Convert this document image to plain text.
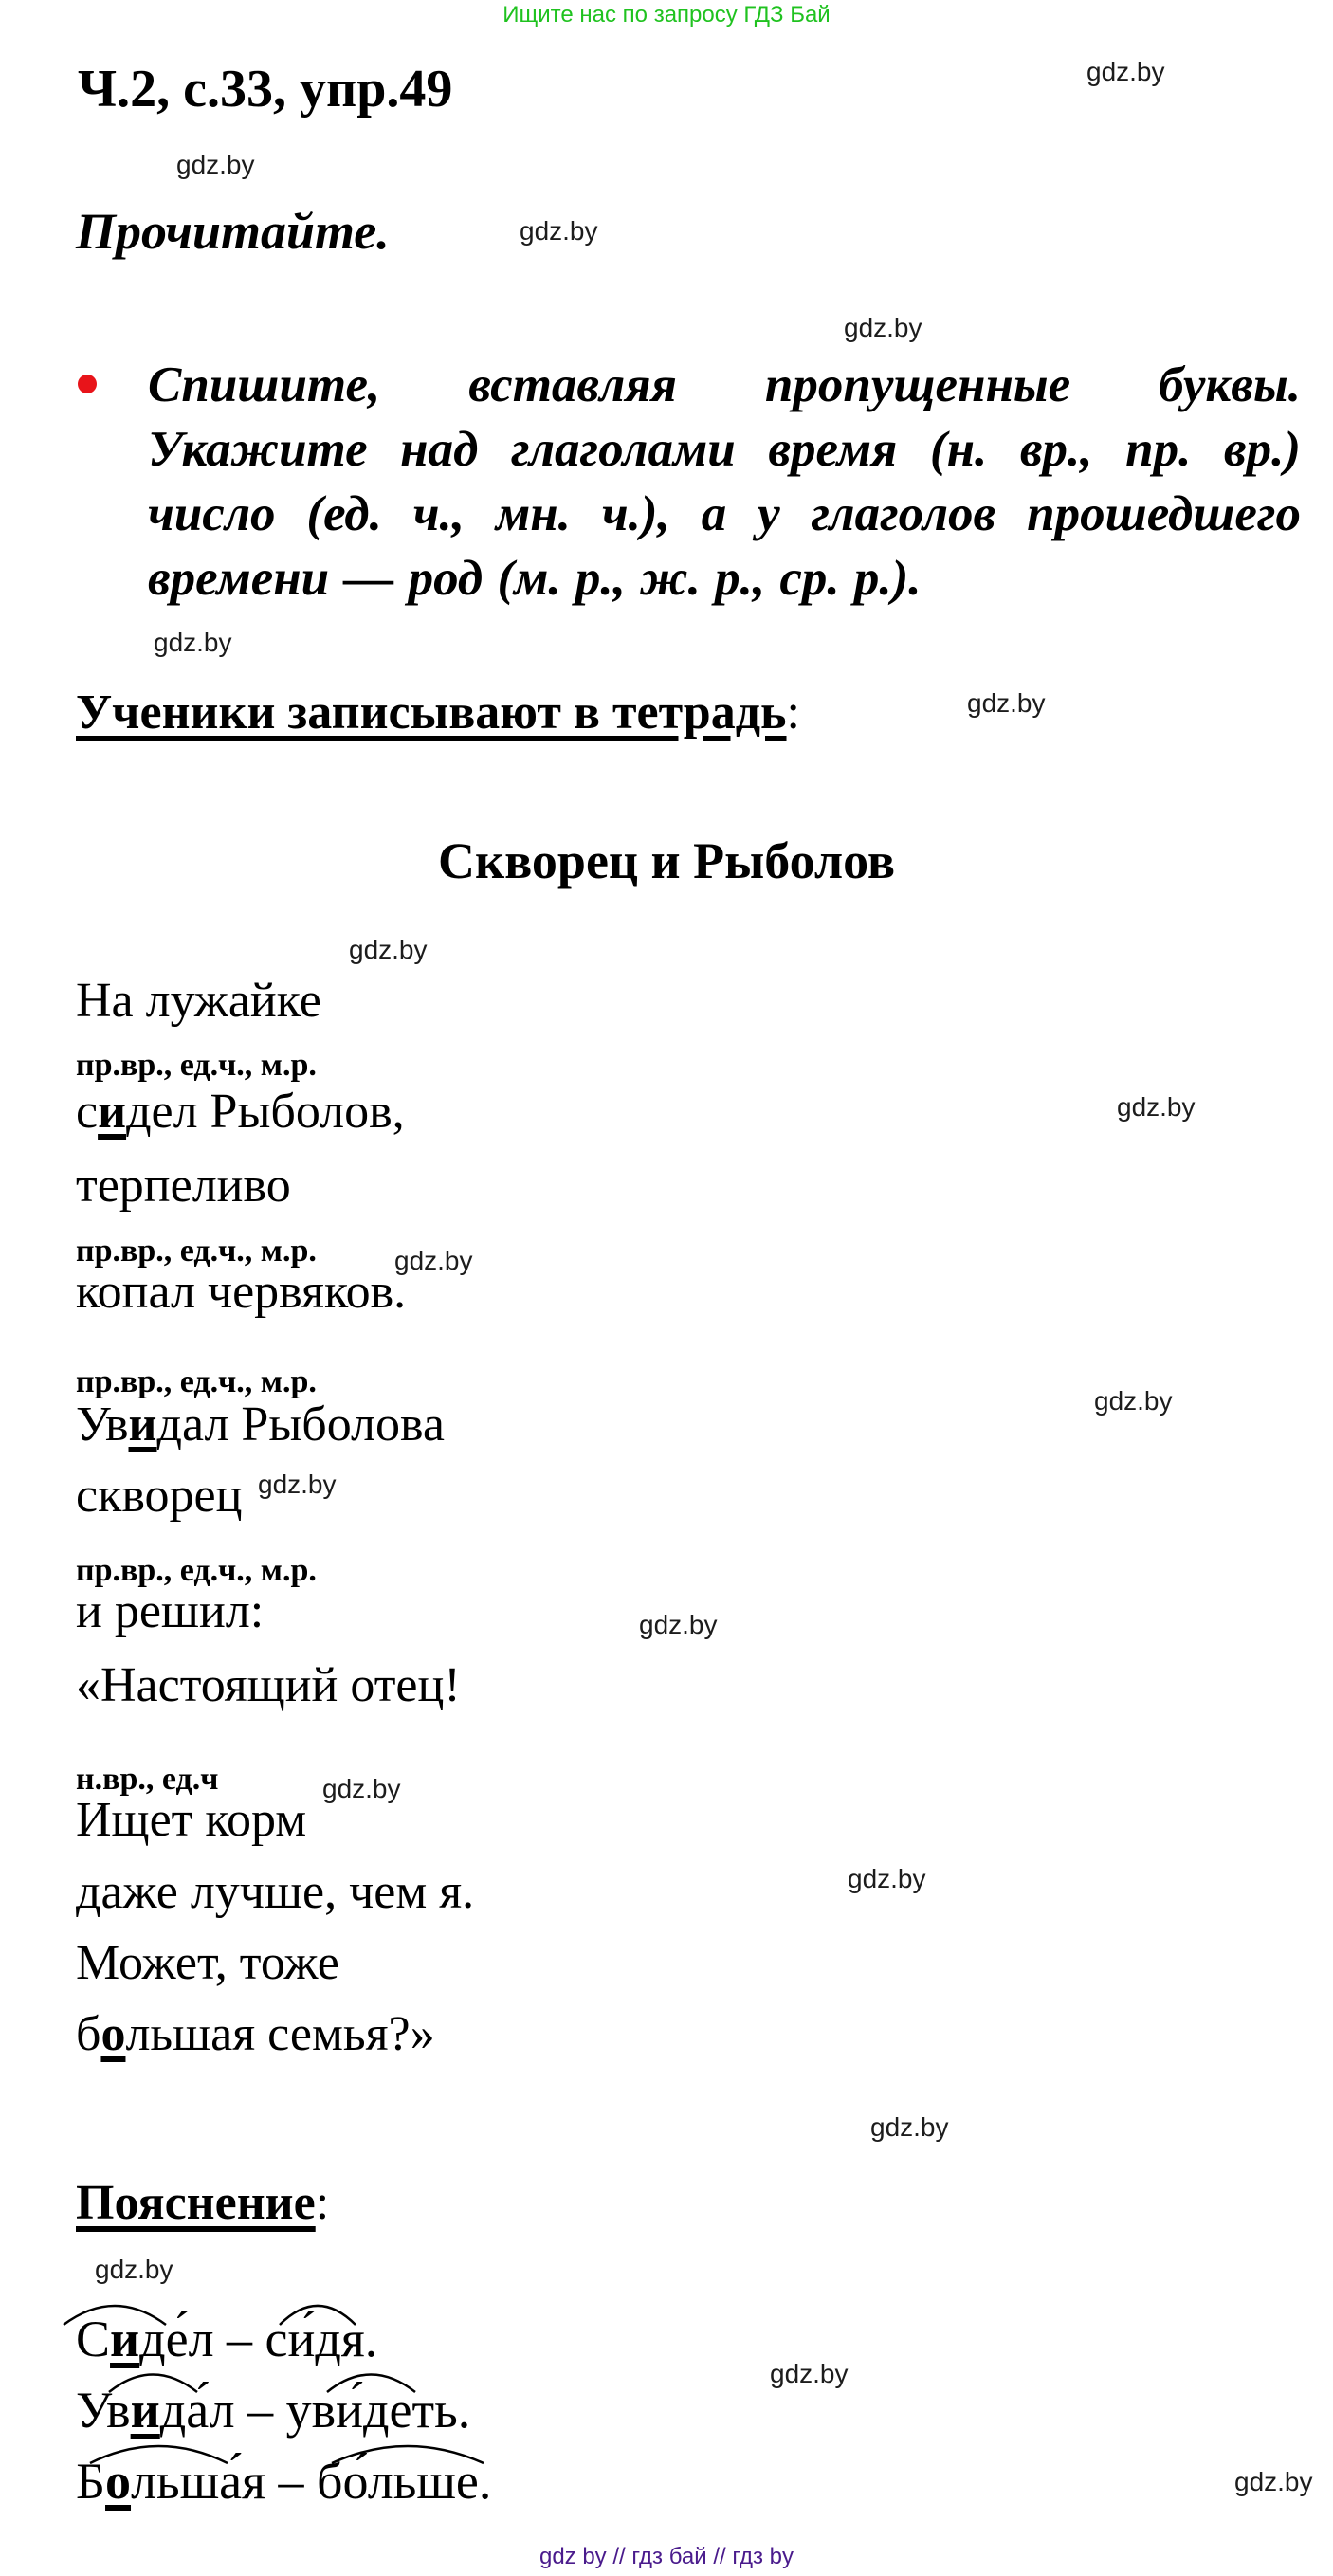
Ищите нас по запросу ГДЗ Бай
Ч.2, с.33, упр.49
Прочитайте.
Спишите, вставляя пропущенные буквы.
Укажите над глаголами время (н. вр., пр. вр.)
число (ед. ч., мн. ч.), а у глаголов прошедшего
времени — род (м. р., ж. р., ср. р.).
Ученики записывают в тетрадь:
Скворец и Рыболов
На лужайке
пр.вр., ед.ч., м.р.
сидел Рыболов,
терпеливо
пр.вр., ед.ч., м.р.
копал червяков.
пр.вр., ед.ч., м.р.
Увидал Рыболова
скворец
пр.вр., ед.ч., м.р.
и решил:
«Настоящий отец!
н.вр., ед.ч
Ищет корм
даже лучше, чем я.
Может, тоже
большая семья?»
Пояснение:
Сиде́л – си́дя.
Увида́л – уви́деть.
Больша́я – бо́льше.
gdz.by
gdz.by
gdz.by
gdz.by
gdz.by
gdz.by
gdz.by
gdz.by
gdz.by
gdz.by
gdz.by
gdz.by
gdz.by
gdz.by
gdz.by
gdz.by
gdz.by
gdz.by
gdz by // гдз бай // гдз by
